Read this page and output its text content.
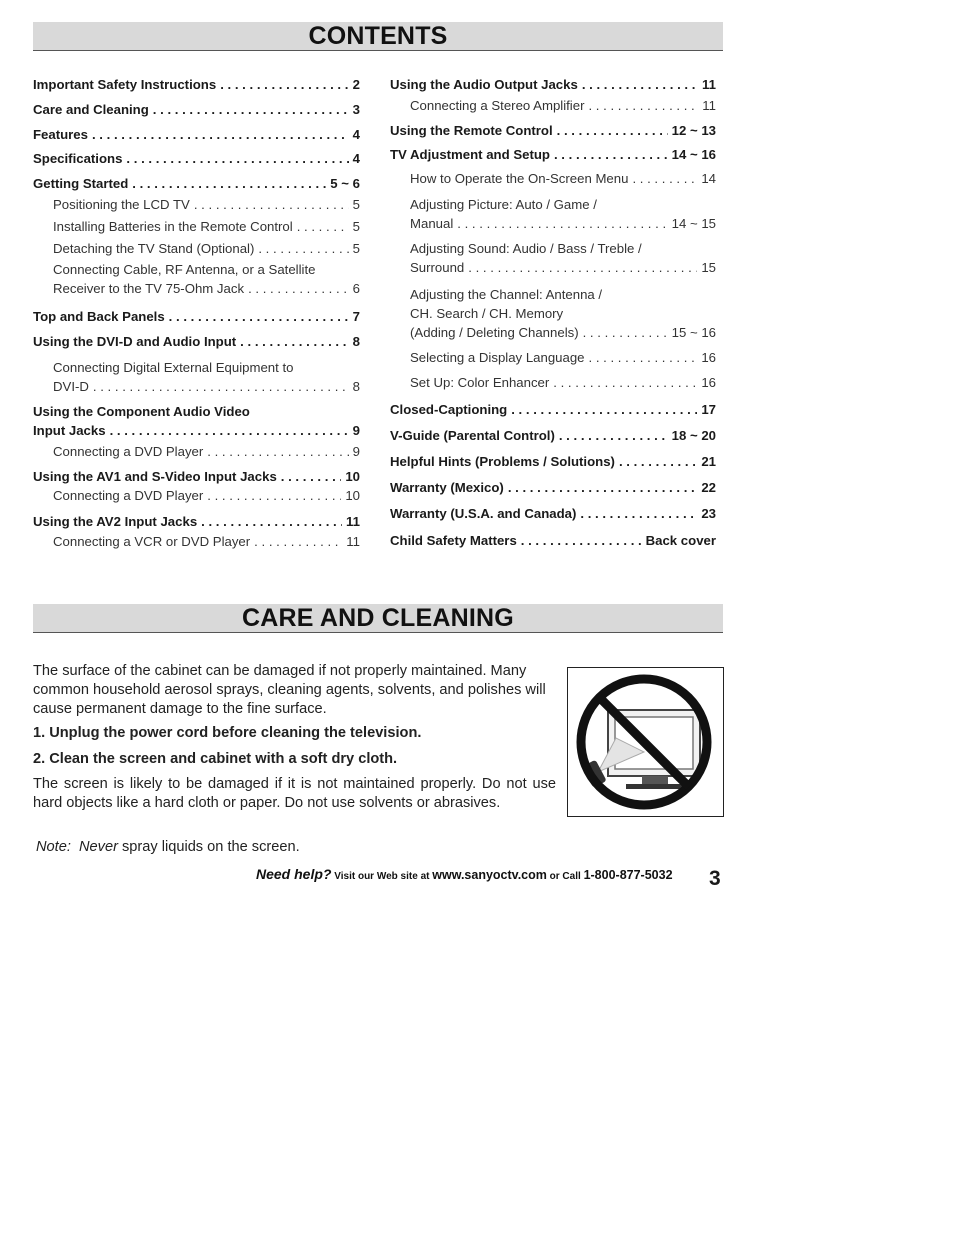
CONTENTS
Important Safety Instructions . . .	2
Care and Cleaning . . .	3
Features . . .	4
Specifications . . .	4
Getting Started . . .	5 ~ 6
Positioning the LCD TV . . .	5
Installing Batteries in the Remote Control . . .	5
Detaching the TV Stand (Optional) . . .	5
Connecting Cable, RF Antenna, or a Satellite
Receiver to the TV 75-Ohm Jack . . .	6
Top and Back Panels . . .	7
Using the DVI-D and Audio Input . . .	8
Connecting Digital External Equipment to
DVI-D . . .	8
Using the Component Audio Video
Input Jacks . . .	9
Connecting a DVD Player . . .	9
Using the AV1 and S-Video Input Jacks . . .	10
Connecting a DVD Player . . .	10
Using the AV2 Input Jacks . . .	11
Connecting a VCR or DVD Player . . .	11
Using the Audio Output Jacks . . .	11
Connecting a Stereo Amplifier . . .	11
Using the Remote Control . . .	12 ~ 13
TV Adjustment and Setup . . .	14 ~ 16
How to Operate the On-Screen Menu . . .	14
Adjusting Picture: Auto / Game /
Manual . . .	14 ~ 15
Adjusting Sound: Audio / Bass / Treble /
Surround . . .	15
Adjusting the Channel: Antenna /
CH. Search / CH. Memory
(Adding / Deleting Channels) . . .	15 ~ 16
Selecting a Display Language . . .	16
Set Up: Color Enhancer . . .	16
Closed-Captioning . . .	17
V-Guide (Parental Control) . . .	18 ~ 20
Helpful Hints (Problems / Solutions) . . .	21
Warranty (Mexico) . . .	22
Warranty (U.S.A. and Canada) . . .	23
Child Safety Matters . . .	Back cover
CARE AND CLEANING
The surface of the cabinet can be damaged if not properly maintained. Many common household aerosol sprays, cleaning agents, solvents, and polishes will cause permanent damage to the fine surface.
1. Unplug the power cord before cleaning the television.
2. Clean the screen and cabinet with a soft dry cloth.
The screen is likely to be damaged if it is not maintained properly. Do not use hard objects like a hard cloth or paper. Do not use solvents or abrasives.
Note: Never spray liquids on the screen.
Need help? Visit our Web site at www.sanyoctv.com or Call 1-800-877-5032 3
